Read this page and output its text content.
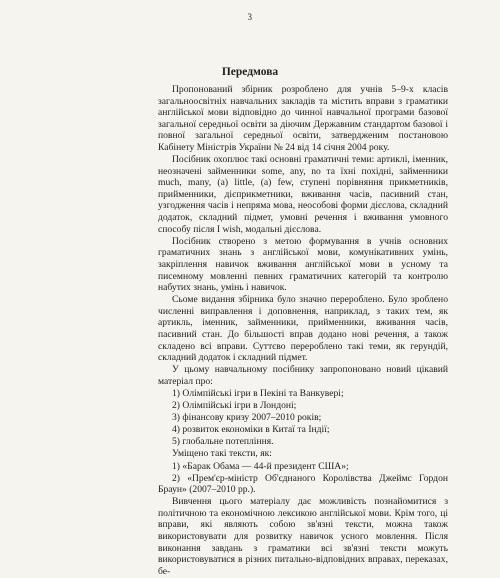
3
Передмова

Пропонований збірник розроблено для учнів 5–9-х класів загальноосвітніх навчальних закладів та містить вправи з граматики англійської мови відповідно до чинної навчальної програми базової загальної середньої освіти за діючим Державним стандартом базової і повної загальної середньої освіти, затвердженим постановою Кабінету Міністрів України № 24 від 14 січня 2004 року.

Посібник охоплює такі основні граматичні теми: артиклі, іменник, неозначені займенники some, any, no та їхні похідні, займенники much, many, (a) little, (a) few, ступені порівняння прикметників, прийменники, дієприкметники, вживання часів, пасивний стан, узгодження часів і непряма мова, неособові форми дієслова, складний додаток, складний підмет, умовні речення і вживання умовного способу після I wish, модальні дієслова.

Посібник створено з метою формування в учнів основних граматичних знань з англійської мови, комунікативних умінь, закріплення навичок вживання англійської мови в усному та писемному мовленні певних граматичних категорій та контролю набутих знань, умінь і навичок.

Сьоме видання збірника було значно перероблено. Було зроблено численні виправлення і доповнення, наприклад, з таких тем, як артикль, іменник, займенники, прийменники, вживання часів, пасивний стан. До більшості вправ додано нові речення, а також складено всі вправи. Суттєво перероблено такі теми, як герундій, складний додаток і складний підмет.

У цьому навчальному посібнику запропоновано новий цікавий матеріал про:

1) Олімпійські ігри в Пекіні та Ванкувері;

2) Олімпійські ігри в Лондоні;

3) фінансову кризу 2007–2010 років;

4) розвиток економіки в Китаї та Індії;

5) глобальне потепління.

Уміщено такі тексти, як:

1) «Барак Обама — 44-й президент США»;

2) «Прем'єр-міністр Об'єднаного Королівства Джеймс Гордон Браун» (2007–2010 рр.).

Вивчення цього матеріалу дає можливість познайомитися з політичною та економічною лексикою англійської мови. Крім того, ці вправи, які являють собою зв'язні тексти, можна також використовувати для розвитку навичок усного мовлення. Після виконання завдань з граматики всі зв'язні тексти можуть використовуватися в різних питально-відповідних вправах, переказах, бе-
